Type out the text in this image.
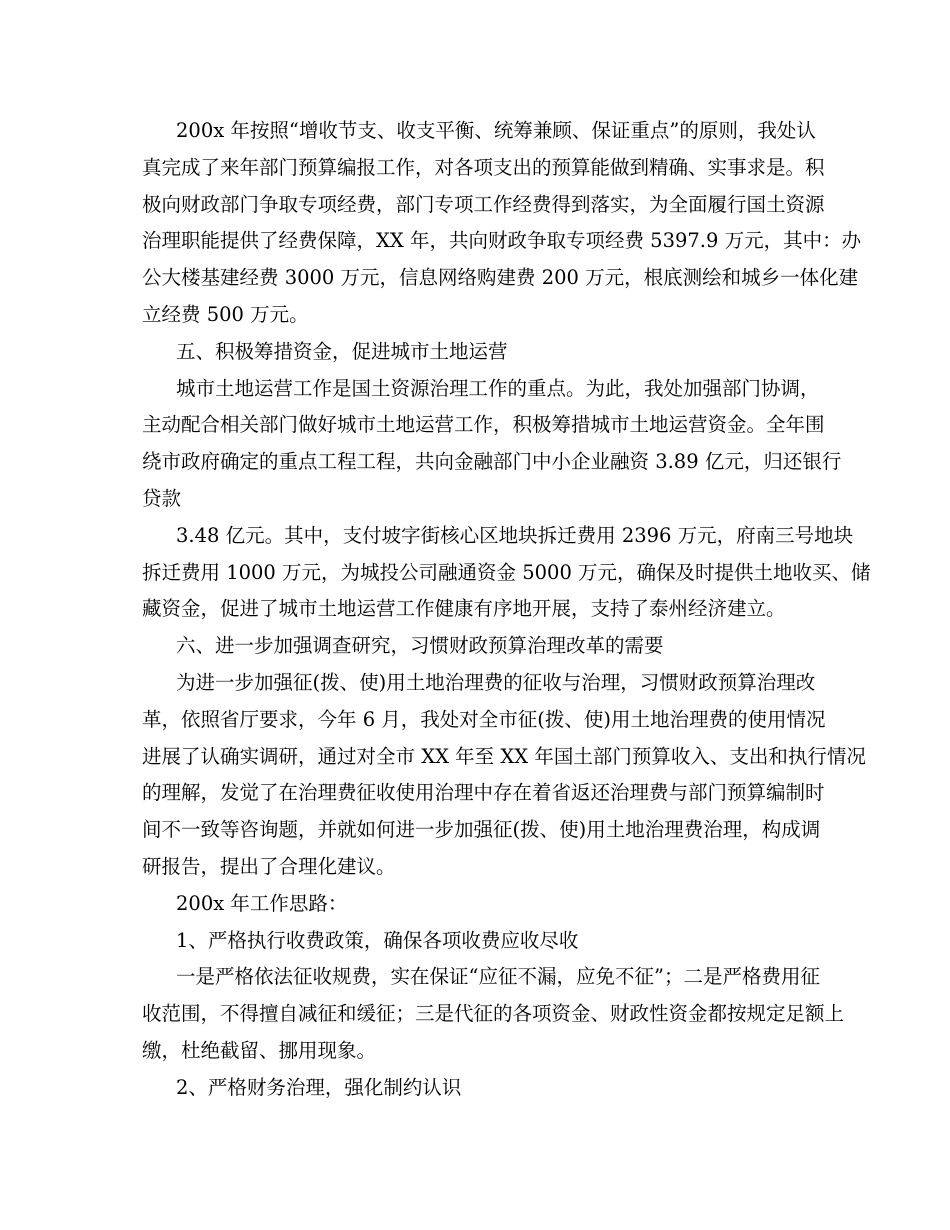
200x 年按照“增收节支、收支平衡、统筹兼顾、保证重点”的原则，我处认
真完成了来年部门预算编报工作，对各项支出的预算能做到精确、实事求是。积
极向财政部门争取专项经费，部门专项工作经费得到落实，为全面履行国土资源
治理职能提供了经费保障，XX 年，共向财政争取专项经费 5397.9 万元，其中：办
公大楼基建经费 3000 万元，信息网络购建费 200 万元，根底测绘和城乡一体化建
立经费 500 万元。
五、积极筹措资金，促进城市土地运营
城市土地运营工作是国土资源治理工作的重点。为此，我处加强部门协调，
主动配合相关部门做好城市土地运营工作，积极筹措城市土地运营资金。全年围
绕市政府确定的重点工程工程，共向金融部门中小企业融资 3.89 亿元，归还银行
贷款
3.48 亿元。其中，支付坡字街核心区地块拆迁费用 2396 万元，府南三号地块
拆迁费用 1000 万元，为城投公司融通资金 5000 万元，确保及时提供土地收买、储
藏资金，促进了城市土地运营工作健康有序地开展，支持了泰州经济建立。
六、进一步加强调查研究，习惯财政预算治理改革的需要
为进一步加强征(拨、使)用土地治理费的征收与治理，习惯财政预算治理改
革，依照省厅要求，今年 6 月，我处对全市征(拨、使)用土地治理费的使用情况
进展了认确实调研，通过对全市 XX 年至 XX 年国土部门预算收入、支出和执行情况
的理解，发觉了在治理费征收使用治理中存在着省返还治理费与部门预算编制时
间不一致等咨询题，并就如何进一步加强征(拨、使)用土地治理费治理，构成调
研报告，提出了合理化建议。
200x 年工作思路：
1、严格执行收费政策，确保各项收费应收尽收
一是严格依法征收规费，实在保证“应征不漏，应免不征”；二是严格费用征
收范围，不得擅自减征和缓征；三是代征的各项资金、财政性资金都按规定足额上
缴，杜绝截留、挪用现象。
2、严格财务治理，强化制约认识
